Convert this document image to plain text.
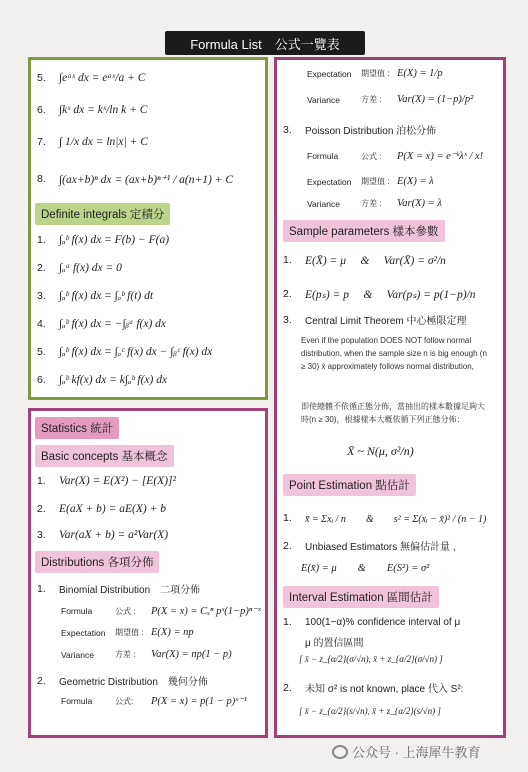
Formula List　公式一覽表
5.	∫eᵃˣ dx = eᵃˣ/a + C
6.	∫kˣ dx = kˣ/ln k + C
7.	∫ 1/x dx = ln|x| + C
8.	∫(ax+b)ⁿ dx = (ax+b)ⁿ⁺¹ / a(n+1) + C
Definite integrals 定積分
1.	∫ₐᵇ f(x) dx = F(b) − F(a)
2.	∫ₐᵃ f(x) dx = 0
3.	∫ₐᵇ f(x) dx = ∫ₐᵇ f(t) dt
4.	∫ₐᵇ f(x) dx = −∫ᵦᵃ f(x) dx
5.	∫ₐᵇ f(x) dx = ∫ₐᶜ f(x) dx − ∫ᵦᶜ f(x) dx
6.	∫ₐᵇ kf(x) dx = k∫ₐᵇ f(x) dx
Statistics 統計
Basic concepts 基本概念
1.	Var(X) = E(X²) − [E(X)]²
2.	E(aX + b) = aE(X) + b
3.	Var(aX + b) = a²Var(X)
Distributions 各項分佈
1.	Binomial Distribution　二項分佈
Formula	公式 :	P(X = x) = Cₓⁿ pˣ(1−p)ⁿ⁻ˣ
Expectation	期望值 : E(X) = np
Variance	方差 :	Var(X) = np(1 − p)
2.	Geometric Distribution　幾何分佈
Formula	公式:	P(X = x) = p(1 − p)ˣ⁻¹
Expectation	期望值 : E(X) = 1/p
Variance	方差 :	Var(X) = (1−p)/p²
3.	Poisson Distribution 泊松分佈
Formula	公式 :	P(X = x) = e⁻ᵏλˣ / x!
Expectation	期望值 : E(X) = λ
Variance	方差 :	Var(X) = λ
Sample parameters 樣本參數
1.	E(X̄) = μ　 &　 Var(X̄) = σ²/n
2.	E(pₛ) = p　 &　 Var(pₛ) = p(1−p)/n
3.	Central Limit Theorem 中心極限定理
Even if the population DOES NOT follow normal distribution, when the sample size n is big enough (n ≥ 30) x̄ approximately follows normal distribution,
即使總體不依循正態分佈，當抽出的樣本數據足夠大時(n ≥ 30)，根據樣本大概依循下列正態分佈：
X̄ ~ N(μ, σ²/n)
Point Estimation 點估計
1.	x̄ = Σxᵢ / n　　&　　s² = Σ(xᵢ − x̄)² / (n − 1)
2.	Unbiased Estimators 無偏估計量 ,
E(x̄) = μ　　&　　E(S²) = σ²
Interval Estimation 區間估計
1.	100(1−α)% confidence interval of μ
μ 的置信區間
[ x̄ − z_{α/2}(σ/√n), x̄ + z_{α/2}(σ/√n) ]
2.	未知 σ² is not known, place 代入 S²:
[ x̄ − z_{α/2}(s/√n), x̄ + z_{α/2}(s/√n) ]
公众号 · 上海犀牛教育
